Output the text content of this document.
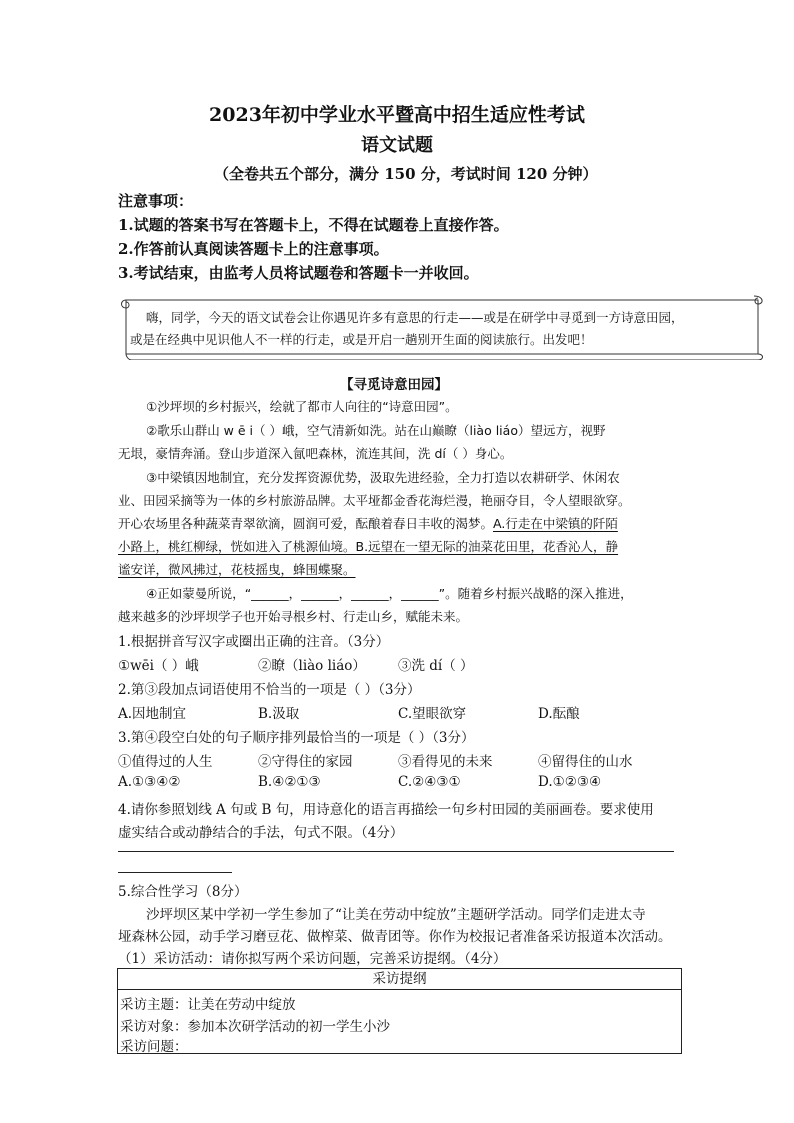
2023年初中学业水平暨高中招生适应性考试
语文试题
（全卷共五个部分，满分 150 分，考试时间 120 分钟）
注意事项：
1.试题的答案书写在答题卡上，不得在试题卷上直接作答。
2.作答前认真阅读答题卡上的注意事项。
3.考试结束，由监考人员将试题卷和答题卡一并收回。
嗨，同学，今天的语文试卷会让你遇见许多有意思的行走——或是在研学中寻觅到一方诗意田园，
或是在经典中见识他人不一样的行走，或是开启一趟别开生面的阅读旅行。出发吧！
【寻觅诗意田园】
①沙坪坝的乡村振兴，绘就了都市人向往的“诗意田园”。
②歌乐山群山 w ē i（ ）峨，空气清新如洗。站在山巅瞭（liào liáo）望远方，视野
无垠，豪情奔涌。登山步道深入氤吧森林，流连其间，洗 dí（ ）身心。
③中梁镇因地制宜，充分发挥资源优势，汲取先进经验，全力打造以农耕研学、休闲农
业、田园采摘等为一体的乡村旅游品牌。太平垭都金香花海烂漫，艳丽夺目，令人望眼欲穿。
开心农场里各种蔬菜青翠欲滴，圆润可爱，酝酿着春日丰收的渴梦。A.行走在中梁镇的阡陌
小路上，桃红柳绿，恍如进入了桃源仙境。B.远望在一望无际的油菜花田里，花香沁人，静
谧安详，微风拂过，花枝摇曳，蜂围蝶聚。
④正如蒙曼所说，“______，______，______，______”。随着乡村振兴战略的深入推进，
越来越多的沙坪坝学子也开始寻根乡村、行走山乡，赋能未来。
1.根据拼音写汉字或圈出正确的注音。（3分）
①wēi（ ）峨	②瞭（liào liáo） ③洗 dí（ ）
2.第③段加点词语使用不恰当的一项是（ ）（3分）
A.因地制宜	B.汲取	C.望眼欲穿	D.酝酿
3.第④段空白处的句子顺序排列最恰当的一项是（ ）（3分）
①值得过的人生	②守得住的家园	③看得见的未来	④留得住的山水
A.①③④②	B.④②①③	C.②④③①	D.①②③④
4.请你参照划线 A 句或 B 句，用诗意化的语言再描绘一句乡村田园的美丽画卷。要求使用
虚实结合或动静结合的手法，句式不限。（4分）
5.综合性学习（8分）
沙坪坝区某中学初一学生参加了“让美在劳动中绽放”主题研学活动。同学们走进太寺
垭森林公园，动手学习磨豆花、做榨菜、做青团等。你作为校报记者准备采访报道本次活动。
（1）采访活动：请你拟写两个采访问题，完善采访提纲。（4分）
采访提纲
采访主题：让美在劳动中绽放
采访对象：参加本次研学活动的初一学生小沙
采访问题：
